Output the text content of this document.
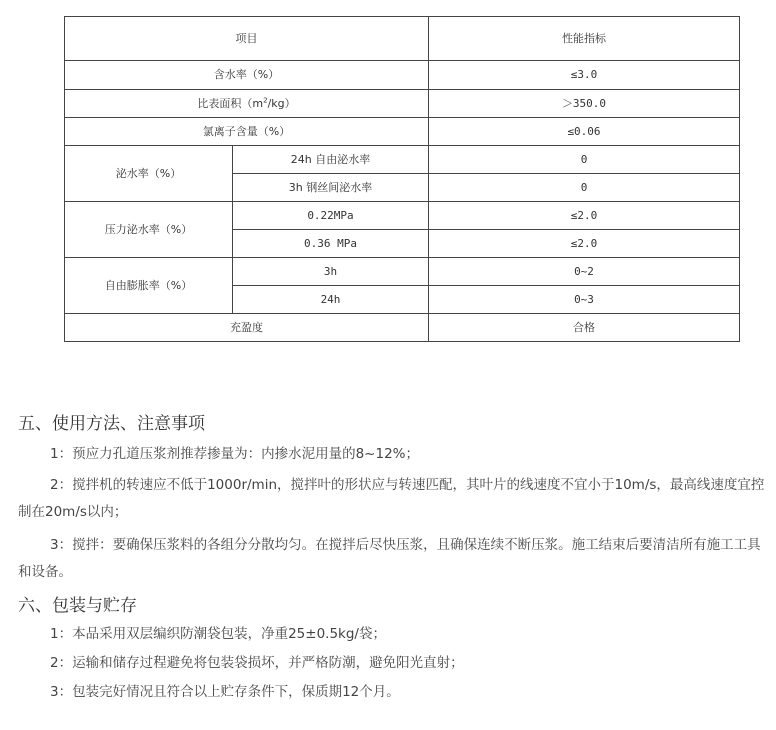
项目		性能指标
含水率（%）		≤3.0
比表面积$(m^2/kg)$		＞350.0
氯离子含量（%）		≤0.06
泌水率（%）	24h 自由泌水率	0
	3h 钢丝间泌水率	0
压力泌水率（%）	0.22MPa	≤2.0
	0.36 MPa	≤2.0
自由膨胀率（%）	3h	0~2
	24h	0~3
充盈度		合格
五、使用方法、注意事项

1：预应力孔道压浆剂推荐掺量为：内掺水泥用量的8~12%；

2：搅拌机的转速应不低于1000r/min，搅拌叶的形状应与转速匹配，其叶片的线速度不宜小于10m/s，最高线速度宜控制在20m/s以内；

3：搅拌：要确保压浆料的各组分分散均匀。在搅拌后尽快压浆，且确保连续不断压浆。施工结束后要清洁所有施工工具和设备。

六、包装与贮存

1：本品采用双层编织防潮袋包装，净重25±0.5kg/袋；

2：运输和储存过程避免将包装袋损坏，并严格防潮，避免阳光直射；

3：包装完好情况且符合以上贮存条件下，保质期12个月。
